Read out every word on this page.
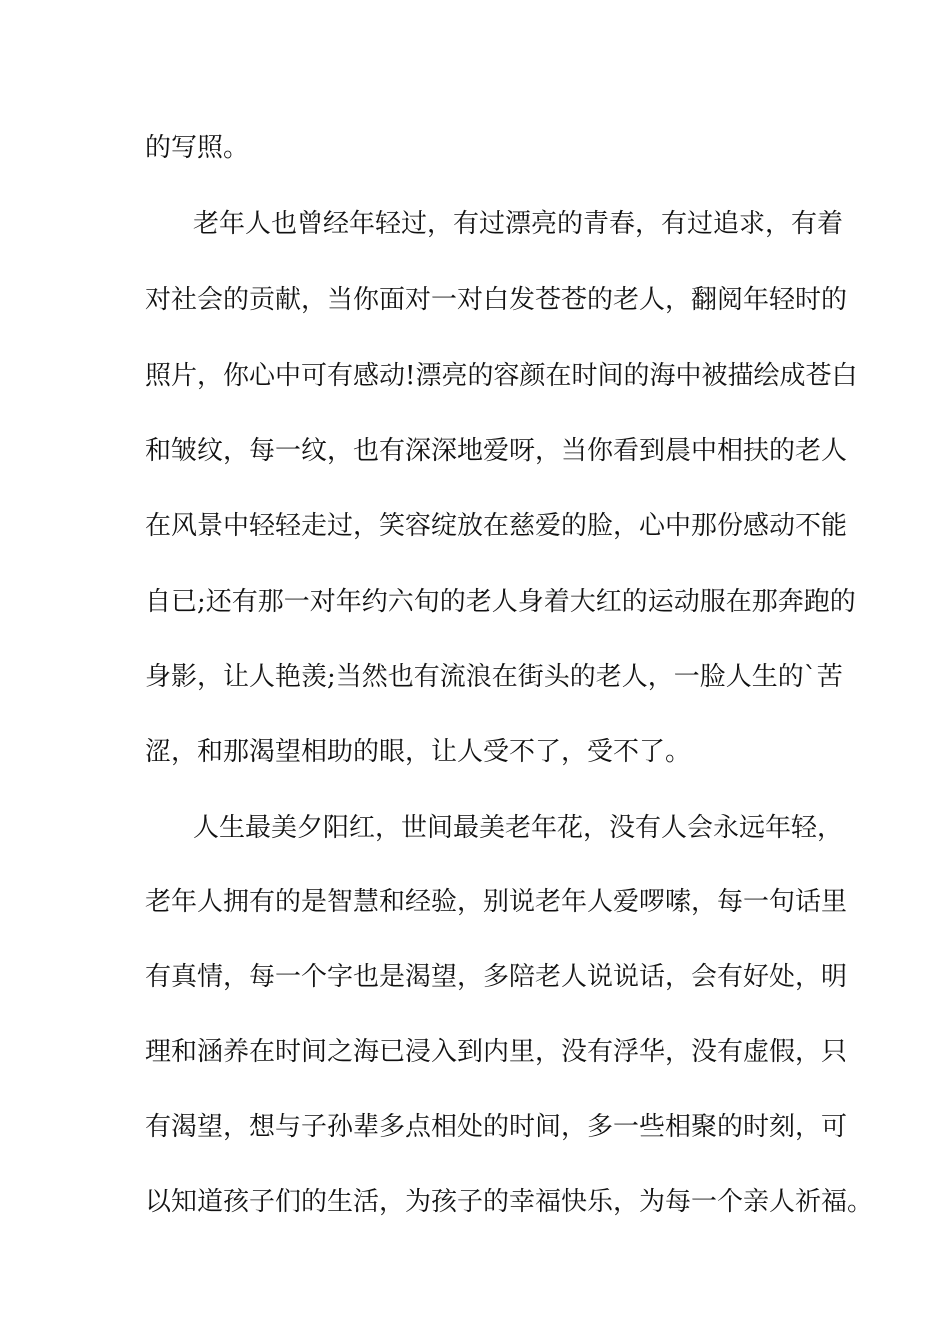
的写照。
老年人也曾经年轻过，有过漂亮的青春，有过追求，有着
对社会的贡献，当你面对一对白发苍苍的老人，翻阅年轻时的
照片，你心中可有感动!漂亮的容颜在时间的海中被描绘成苍白
和皱纹，每一纹，也有深深地爱呀，当你看到晨中相扶的老人
在风景中轻轻走过，笑容绽放在慈爱的脸，心中那份感动不能
自已;还有那一对年约六旬的老人身着大红的运动服在那奔跑的
身影，让人艳羡;当然也有流浪在街头的老人，一脸人生的`苦
涩，和那渴望相助的眼，让人受不了，受不了。
人生最美夕阳红，世间最美老年花，没有人会永远年轻，
老年人拥有的是智慧和经验，别说老年人爱啰嗦，每一句话里
有真情，每一个字也是渴望，多陪老人说说话，会有好处，明
理和涵养在时间之海已浸入到内里，没有浮华，没有虚假，只
有渴望，想与子孙辈多点相处的时间，多一些相聚的时刻，可
以知道孩子们的生活，为孩子的幸福快乐，为每一个亲人祈福。
